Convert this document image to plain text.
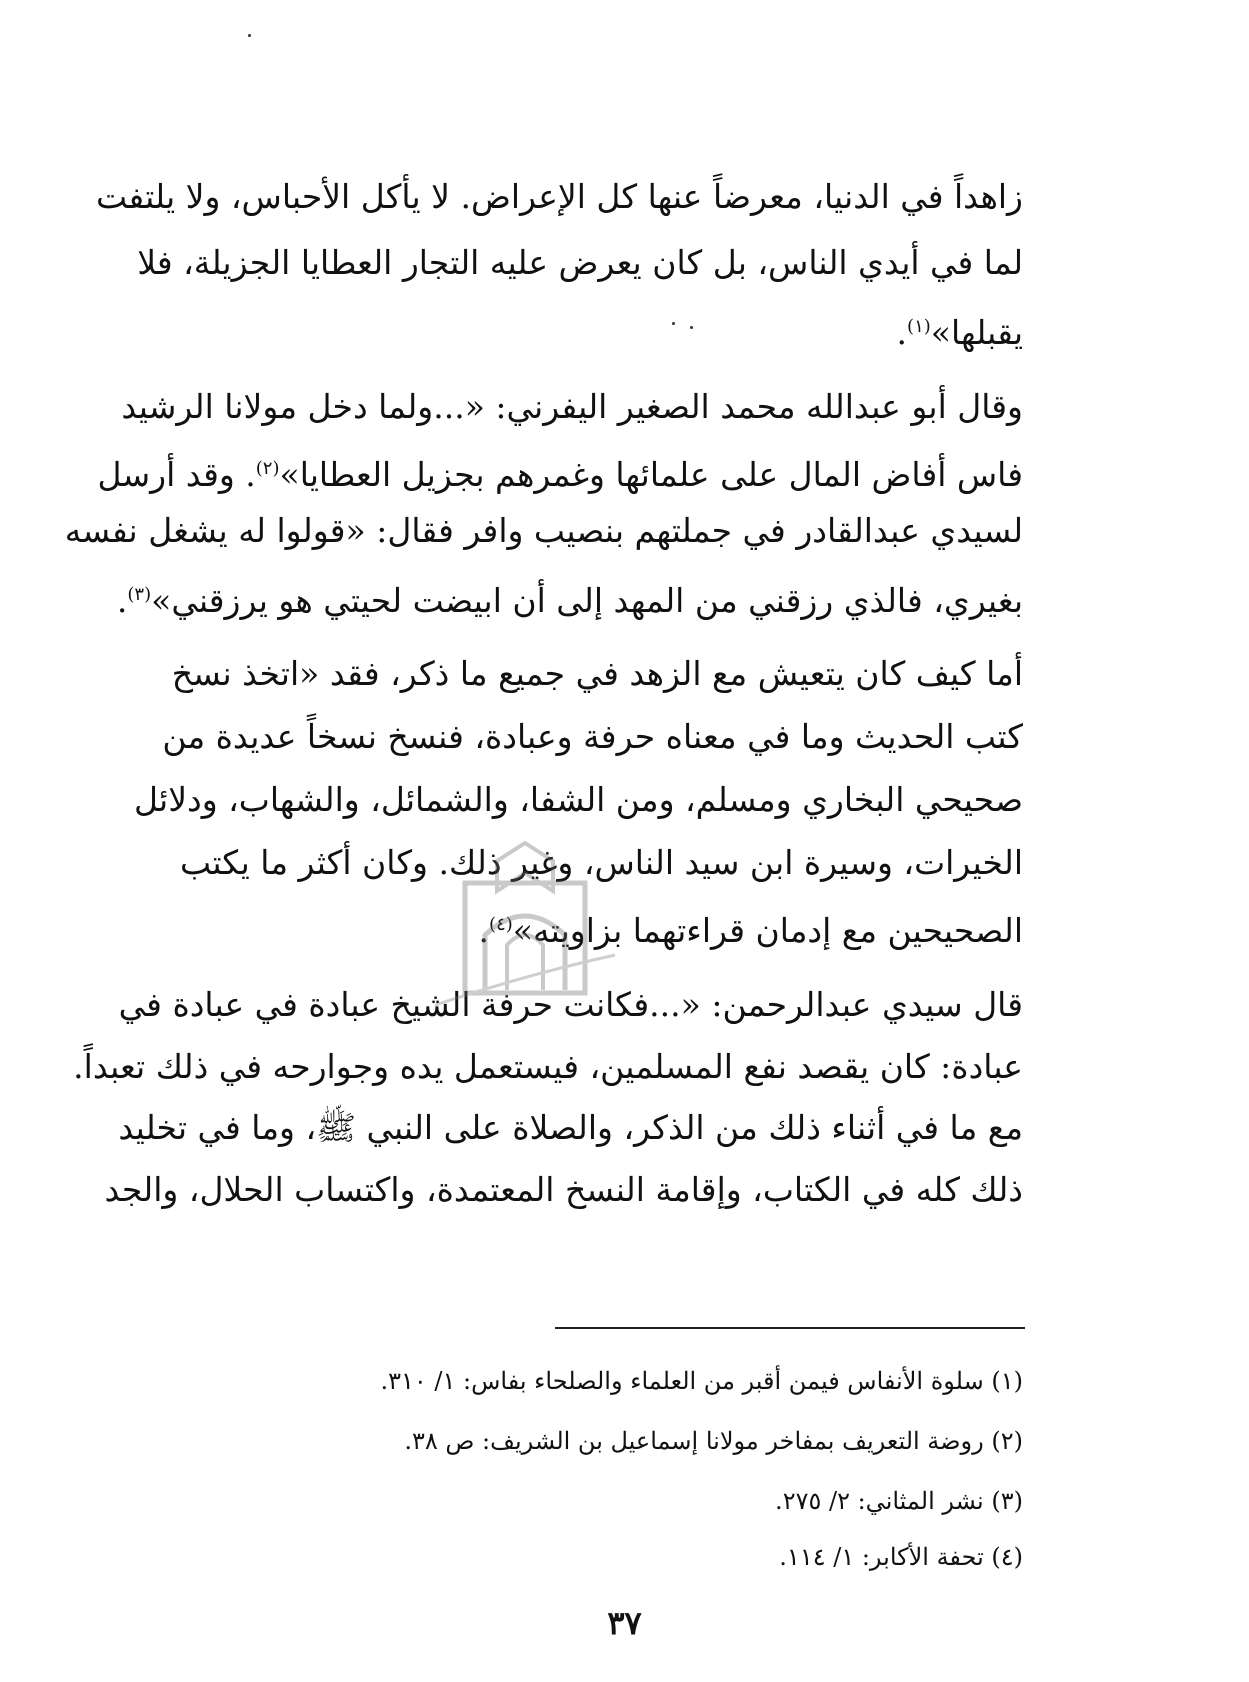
زاهداً في الدنيا، معرضاً عنها كل الإعراض. لا يأكل الأحباس، ولا يلتفت
لما في أيدي الناس، بل كان يعرض عليه التجار العطايا الجزيلة، فلا
يقبلها»$^{(١)}$.
وقال أبو عبدالله محمد الصغير اليفرني: «...ولما دخل مولانا الرشيد
فاس أفاض المال على علمائها وغمرهم بجزيل العطايا»$^{(٢)}$. وقد أرسل
لسيدي عبدالقادر في جملتهم بنصيب وافر فقال: «قولوا له يشغل نفسه
بغيري، فالذي رزقني من المهد إلى أن ابيضت لحيتي هو يرزقني»$^{(٣)}$.
أما كيف كان يتعيش مع الزهد في جميع ما ذكر، فقد «اتخذ نسخ
كتب الحديث وما في معناه حرفة وعبادة، فنسخ نسخاً عديدة من
صحيحي البخاري ومسلم، ومن الشفا، والشمائل، والشهاب، ودلائل
الخيرات، وسيرة ابن سيد الناس، وغير ذلك. وكان أكثر ما يكتب
الصحيحين مع إدمان قراءتهما بزاويته»$^{(٤)}$.
قال سيدي عبدالرحمن: «...فكانت حرفة الشيخ عبادة في عبادة في
عبادة: كان يقصد نفع المسلمين، فيستعمل يده وجوارحه في ذلك تعبداً.
مع ما في أثناء ذلك من الذكر، والصلاة على النبي ﷺ، وما في تخليد
ذلك كله في الكتاب، وإقامة النسخ المعتمدة، واكتساب الحلال، والجد
(١) سلوة الأنفاس فيمن أقبر من العلماء والصلحاء بفاس: ١/ ٣١٠.
(٢) روضة التعريف بمفاخر مولانا إسماعيل بن الشريف: ص ٣٨.
(٣) نشر المثاني: ٢/ ٢٧٥.
(٤) تحفة الأكابر: ١/ ١١٤.
٣٧
